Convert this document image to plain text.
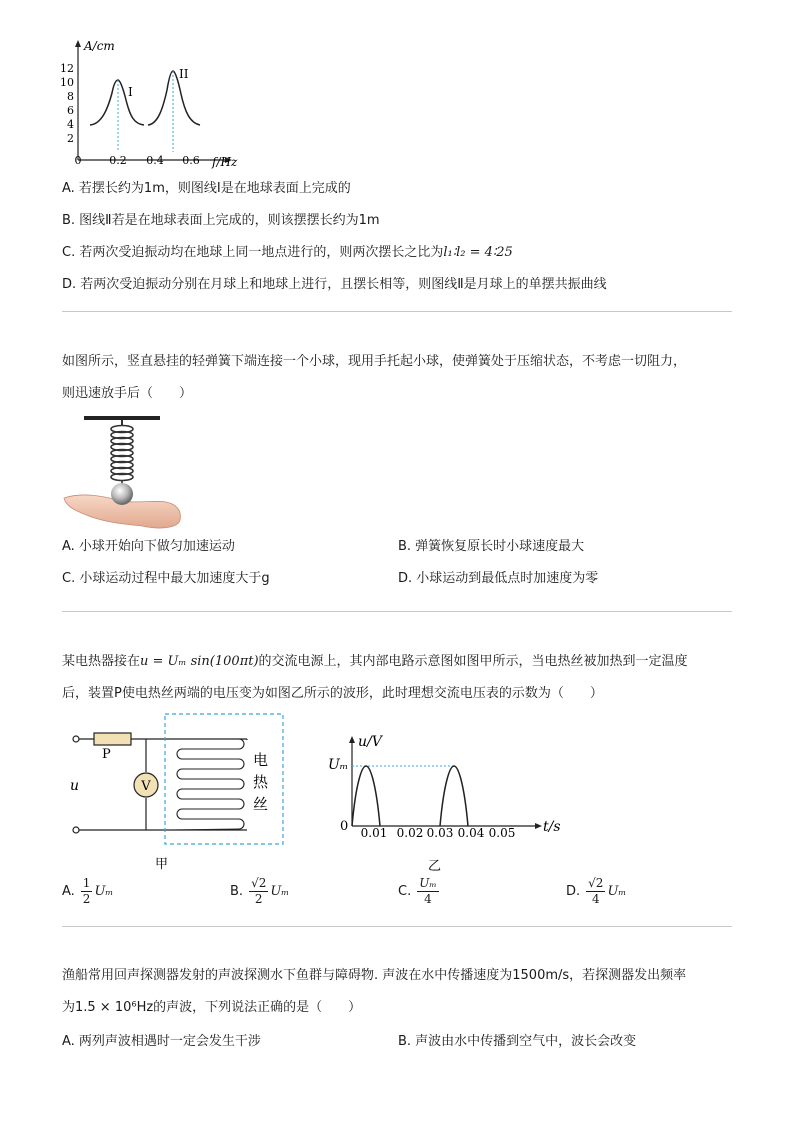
A/cm
f/Hz
2
4
6
8
10
12
0	0.2 0.4 0.6
I
II
A. 若摆长约为1m，则图线Ⅰ是在地球表面上完成的
B. 图线Ⅱ若是在地球表面上完成的，则该摆摆长约为1m
C. 若两次受迫振动均在地球上同一地点进行的，则两次摆长之比为l₁∶l₂ = 4∶25
D. 若两次受迫振动分别在月球上和地球上进行，且摆长相等，则图线Ⅱ是月球上的单摆共振曲线
如图所示，竖直悬挂的轻弹簧下端连接一个小球，现用手托起小球，使弹簧处于压缩状态，不考虑一切阻力，
则迅速放手后（　　）
A. 小球开始向下做匀加速运动	B. 弹簧恢复原长时小球速度最大
C. 小球运动过程中最大加速度大于g	D. 小球运动到最低点时加速度为零
某电热器接在u = Uₘ sin(100πt)的交流电源上，其内部电路示意图如图甲所示，当电热丝被加热到一定温度
后，装置P使电热丝两端的电压变为如图乙所示的波形，此时理想交流电压表的示数为（　　）
u
P
V
电
热
丝
甲
u/V
t/s
Uₘ
0 0.01 0.02 0.03 0.04 0.05
乙
A. $\frac{1}{2}$ Uₘ	B. $\frac{√2}{2}$ Uₘ	C. $\frac{\text{Uₘ}}{4}$	D. $\frac{√2}{4}$ Uₘ
渔船常用回声探测器发射的声波探测水下鱼群与障碍物. 声波在水中传播速度为1500m/s，若探测器发出频率
为1.5 × 10⁶Hz的声波，下列说法正确的是（　　）
A. 两列声波相遇时一定会发生干涉	B. 声波由水中传播到空气中，波长会改变
